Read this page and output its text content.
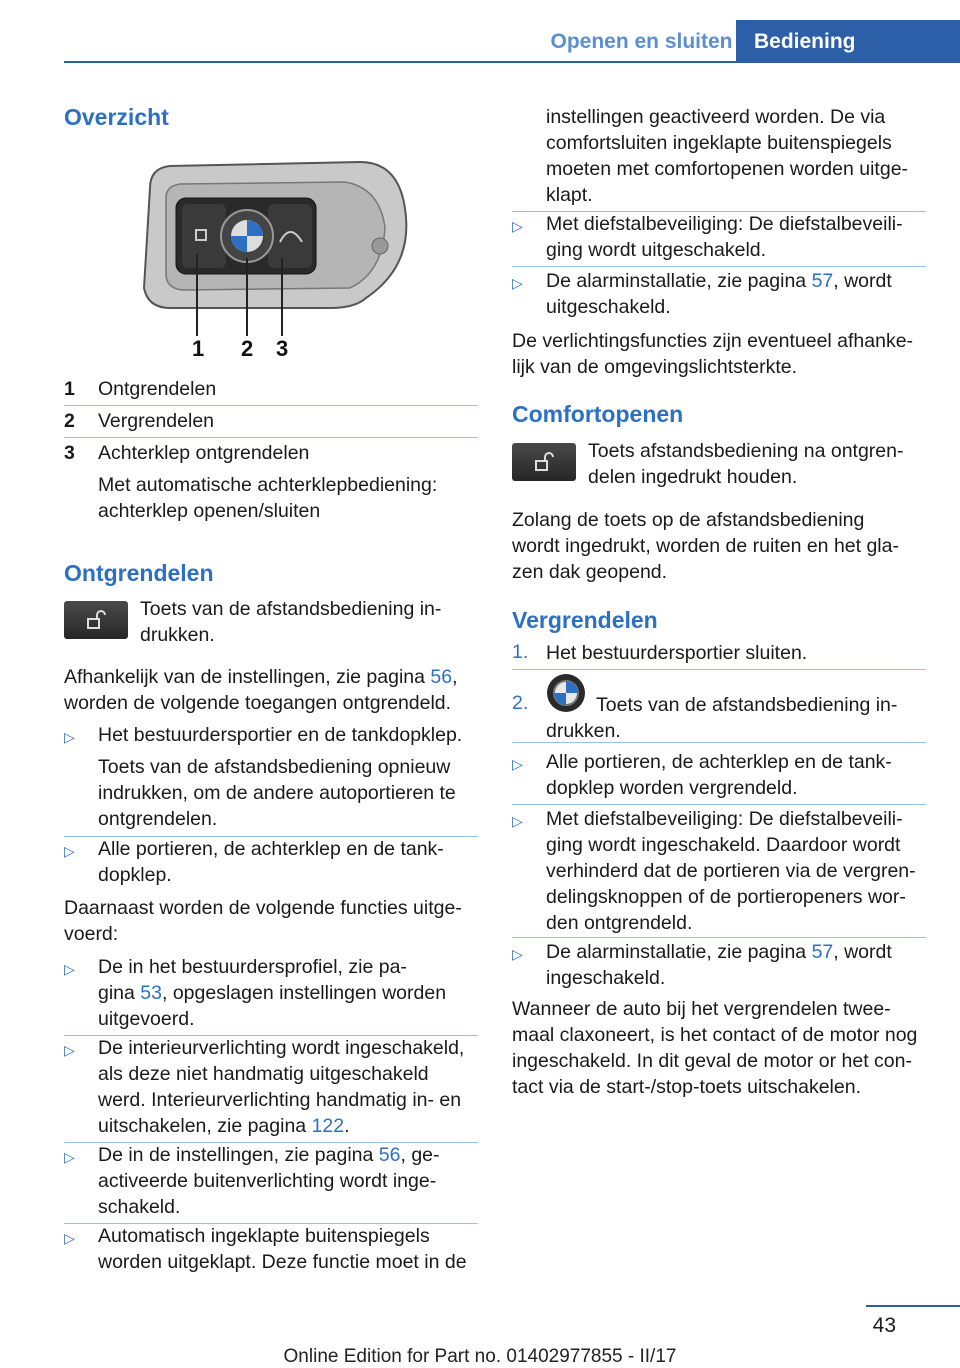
Openen en sluiten	Bediening
Overzicht
1 2 3
1 Ontgrendelen
2 Vergrendelen
3 Achterklep ontgrendelen
Met automatische achterklepbediening:
achterklep openen/sluiten
Ontgrendelen
Toets van de afstandsbediening in-
drukken.
Afhankelijk van de instellingen, zie pagina 56,
worden de volgende toegangen ontgrendeld.
▷ Het bestuurdersportier en de tankdopklep.
Toets van de afstandsbediening opnieuw
indrukken, om de andere autoportieren te
ontgrendelen.
▷ Alle portieren, de achterklep en de tank-
dopklep.
Daarnaast worden de volgende functies uitge-
voerd:
▷ De in het bestuurdersprofiel, zie pa-
gina 53, opgeslagen instellingen worden
uitgevoerd.
▷ De interieurverlichting wordt ingeschakeld,
als deze niet handmatig uitgeschakeld
werd. Interieurverlichting handmatig in- en
uitschakelen, zie pagina 122.
▷ De in de instellingen, zie pagina 56, ge-
activeerde buitenverlichting wordt inge-
schakeld.
▷ Automatisch ingeklapte buitenspiegels
worden uitgeklapt. Deze functie moet in de
instellingen geactiveerd worden. De via
comfortsluiten ingeklapte buitenspiegels
moeten met comfortopenen worden uitge-
klapt.
▷ Met diefstalbeveiliging: De diefstalbeveili-
ging wordt uitgeschakeld.
▷ De alarminstallatie, zie pagina 57, wordt
uitgeschakeld.
De verlichtingsfuncties zijn eventueel afhanke-
lijk van de omgevingslichtsterkte.
Comfortopenen
Toets afstandsbediening na ontgren-
delen ingedrukt houden.
Zolang de toets op de afstandsbediening
wordt ingedrukt, worden de ruiten en het gla-
zen dak geopend.
Vergrendelen
1. Het bestuurdersportier sluiten.
2.	Toets van de afstandsbediening in-
drukken.
▷ Alle portieren, de achterklep en de tank-
dopklep worden vergrendeld.
▷ Met diefstalbeveiliging: De diefstalbeveili-
ging wordt ingeschakeld. Daardoor wordt
verhinderd dat de portieren via de vergren-
delingsknoppen of de portieropeners wor-
den ontgrendeld.
▷ De alarminstallatie, zie pagina 57, wordt
ingeschakeld.
Wanneer de auto bij het vergrendelen twee-
maal claxoneert, is het contact of de motor nog
ingeschakeld. In dit geval de motor or het con-
tact via de start-/stop-toets uitschakelen.
43
Online Edition for Part no. 01402977855 - II/17
